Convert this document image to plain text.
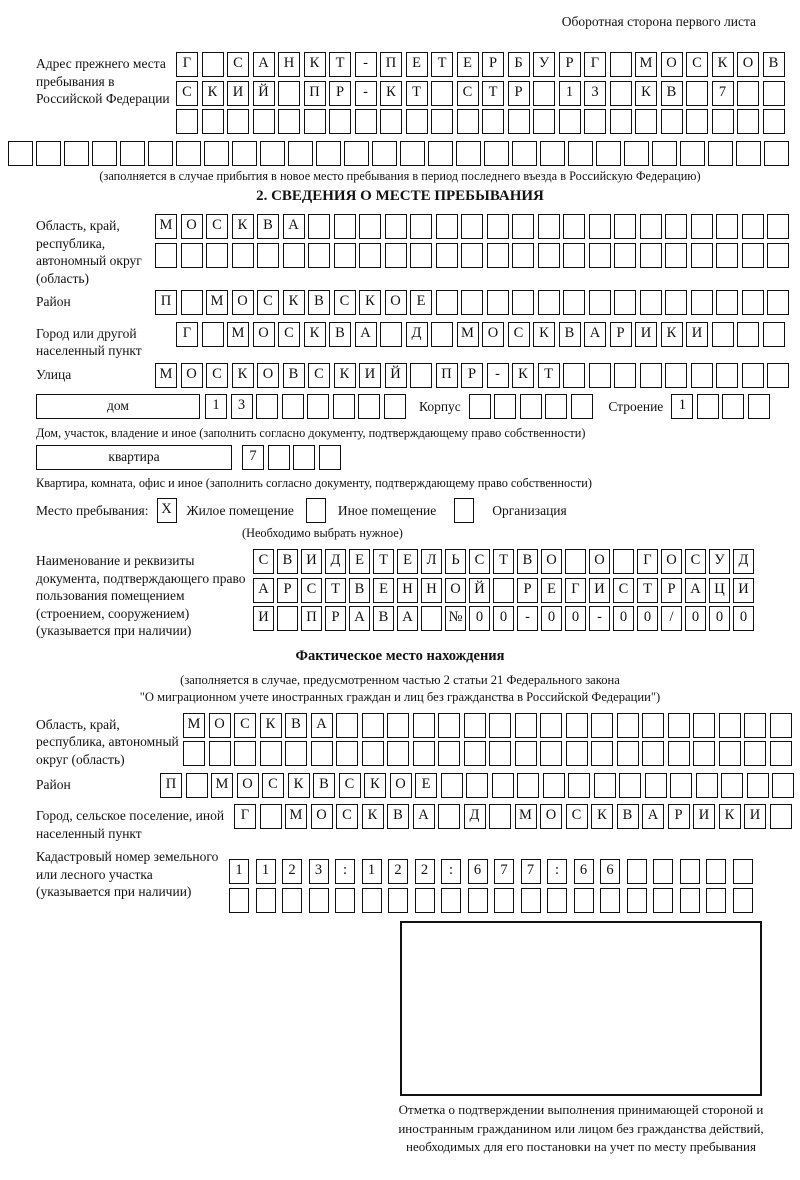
Оборотная сторона первого листа
Адрес прежнего места пребывания в Российской Федерации
Г	С	А	Н	К	Т	-	П	Е	Т	Е	Р	Б	У	Р	Г	М О	С	К	О	В
С	К	И	Й	П	Р	-	К	Т	С	Т	Р	1	3	К	В	7
(заполняется в случае прибытия в новое место пребывания в период последнего въезда в Российскую Федерацию)
2. СВЕДЕНИЯ О МЕСТЕ ПРЕБЫВАНИЯ
Область, край, республика, автономный округ (область)
М О	С	К	В	А
Район	П	М О	С	К	В	С	К	О	Е
Город или другой населенный пункт
Г	М О	С	К	В	А	Д	М О	С	К	В	А	Р	И	К	И
Улица	М О	С	К	О	В	С	К	И	Й	П	Р	-	К	Т
дом	1	3	Корпус	Строение	1
Дом, участок, владение и иное (заполнить согласно документу, подтверждающему право собственности)
квартира	7
Квартира, комната, офис и иное (заполнить согласно документу, подтверждающему право собственности)
Место пребывания: X	Жилое помещение	Иное помещение	Организация
(Необходимо выбрать нужное)
Наименование и реквизиты документа, подтверждающего право пользования помещением (строением, сооружением) (указывается при наличии)
С В И Д	Е	Т	Е	Л	Ь	С	Т	В О	О	Г	О С У Д
А	Р	С	Т	В	Е Н Н О Й	Р	Е	Г	И С	Т	Р	А Ц И
И	П	Р	А В А	№ 0	0	-	0	0	-	0	0	/	0	0	0
Фактическое место нахождения
(заполняется в случае, предусмотренном частью 2 статьи 21 Федерального закона
"О миграционном учете иностранных граждан и лиц без гражданства в Российской Федерации")
Область, край, республика, автономный округ (область)
М О	С	К	В	А
Район	П	М О	С	К	В	С	К	О	Е
Город, сельское поселение, иной населенный пункт
Г	М О	С	К	В	А	Д	М О	С	К	В	А	Р	И	К	И
Кадастровый номер земельного или лесного участка (указывается при наличии)
1	1	2	3	:	1	2	2	:	6	7	7	:	6	6
Отметка о подтверждении выполнения принимающей стороной и иностранным гражданином или лицом без гражданства действий, необходимых для его постановки на учет по месту пребывания
